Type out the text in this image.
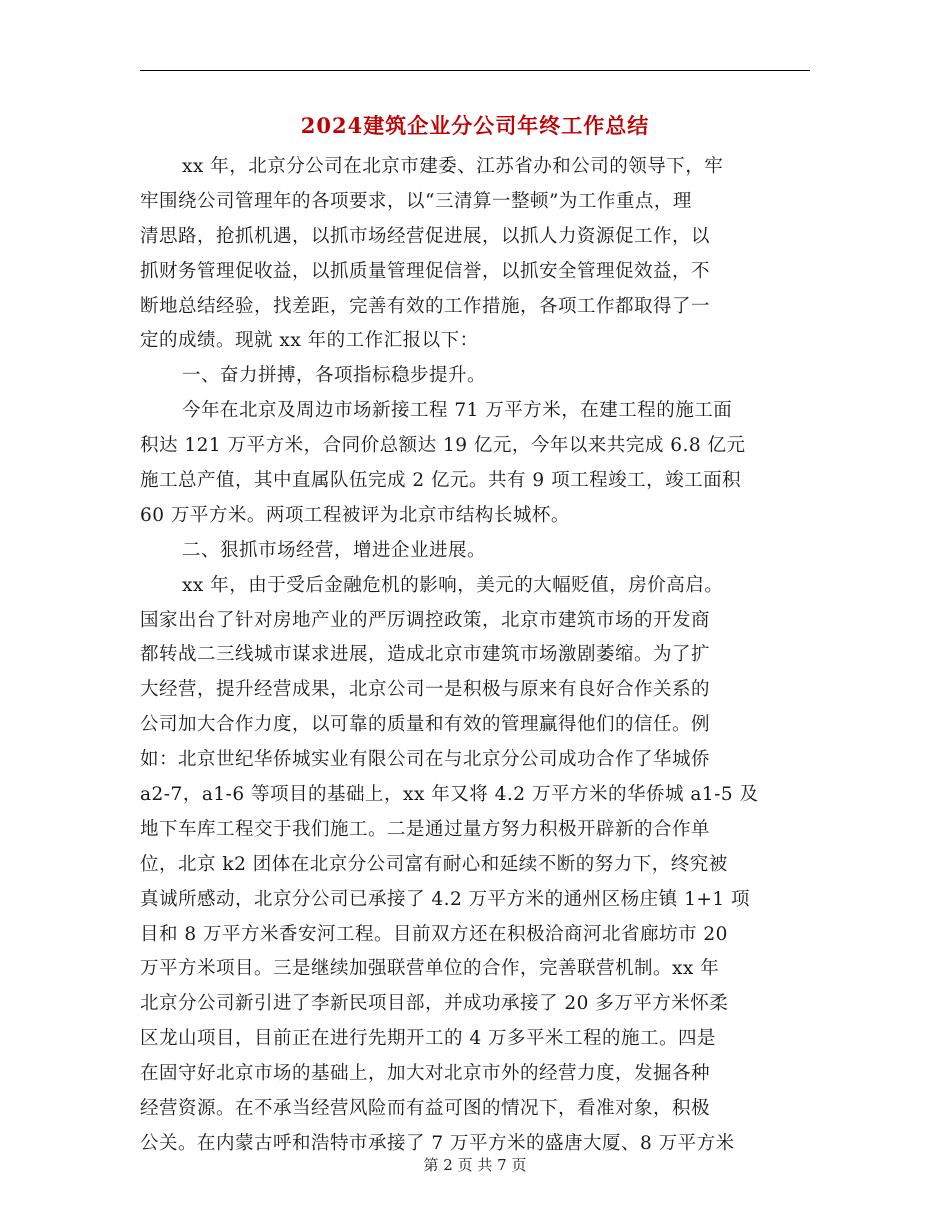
2024建筑企业分公司年终工作总结
xx 年，北京分公司在北京市建委、江苏省办和公司的领导下，牢
牢围绕公司管理年的各项要求，以“三清算一整顿”为工作重点，理
清思路，抢抓机遇，以抓市场经营促进展，以抓人力资源促工作，以
抓财务管理促收益，以抓质量管理促信誉，以抓安全管理促效益，不
断地总结经验，找差距，完善有效的工作措施，各项工作都取得了一
定的成绩。现就 xx 年的工作汇报以下：
一、奋力拼搏，各项指标稳步提升。
今年在北京及周边市场新接工程 71 万平方米，在建工程的施工面
积达 121 万平方米，合同价总额达 19 亿元，今年以来共完成 6.8 亿元
施工总产值，其中直属队伍完成 2 亿元。共有 9 项工程竣工，竣工面积
60 万平方米。两项工程被评为北京市结构长城杯。
二、狠抓市场经营，增进企业进展。
xx 年，由于受后金融危机的影响，美元的大幅贬值，房价高启。
国家出台了针对房地产业的严厉调控政策，北京市建筑市场的开发商
都转战二三线城市谋求进展，造成北京市建筑市场激剧萎缩。为了扩
大经营，提升经营成果，北京公司一是积极与原来有良好合作关系的
公司加大合作力度，以可靠的质量和有效的管理赢得他们的信任。例
如：北京世纪华侨城实业有限公司在与北京分公司成功合作了华城侨
a2-7，a1-6 等项目的基础上，xx 年又将 4.2 万平方米的华侨城 a1-5 及
地下车库工程交于我们施工。二是通过量方努力积极开辟新的合作单
位，北京 k2 团体在北京分公司富有耐心和延续不断的努力下，终究被
真诚所感动，北京分公司已承接了 4.2 万平方米的通州区杨庄镇 1+1 项
目和 8 万平方米香安河工程。目前双方还在积极洽商河北省廊坊市 20
万平方米项目。三是继续加强联营单位的合作，完善联营机制。xx 年
北京分公司新引进了李新民项目部，并成功承接了 20 多万平方米怀柔
区龙山项目，目前正在进行先期开工的 4 万多平米工程的施工。四是
在固守好北京市场的基础上，加大对北京市外的经营力度，发掘各种
经营资源。在不承当经营风险而有益可图的情况下，看准对象，积极
公关。在内蒙古呼和浩特市承接了 7 万平方米的盛唐大厦、8 万平方米
第 2 页 共 7 页
